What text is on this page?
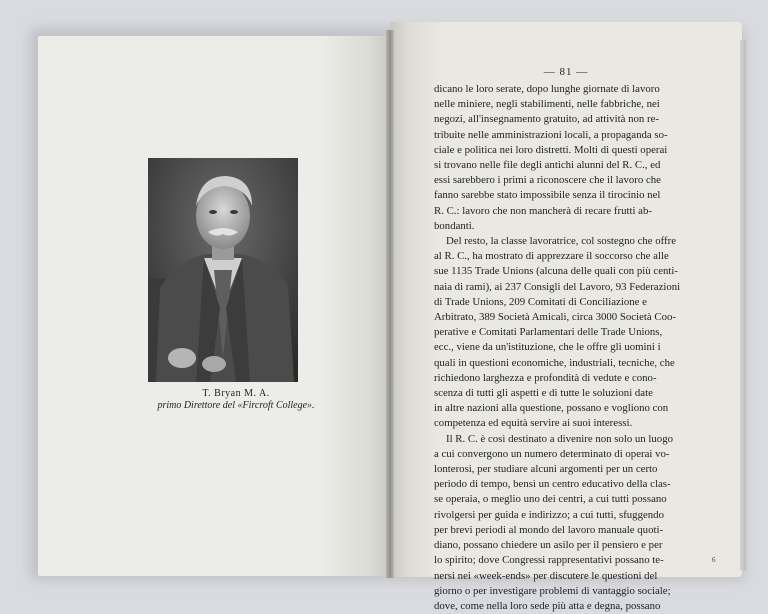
T. Bryan M. A.
primo Direttore del «Fircroft College».
— 81 —
dicano le loro serate, dopo lunghe giornate di lavoro
nelle miniere, negli stabilimenti, nelle fabbriche, nei
negozi, all'insegnamento gratuito, ad attività non re-
tribuite nelle amministrazioni locali, a propaganda so-
ciale e politica nei loro distretti. Molti di questi operai
si trovano nelle file degli antichi alunni del R. C., ed
essi sarebbero i primi a riconoscere che il lavoro che
fanno sarebbe stato impossibile senza il tirocinio nel
R. C.: lavoro che non mancherà di recare frutti ab-
bondanti.
Del resto, la classe lavoratrice, col sostegno che offre
al R. C., ha mostrato di apprezzare il soccorso che alle
sue 1135 Trade Unions (alcuna delle quali con più centi-
naia di rami), ai 237 Consigli del Lavoro, 93 Federazioni
di Trade Unions, 209 Comitati di Conciliazione e
Arbitrato, 389 Società Amicali, circa 3000 Società Coo-
perative e Comitati Parlamentari delle Trade Unions,
ecc., viene da un'istituzione, che le offre gli uomini i
quali in questioni economiche, industriali, tecniche, che
richiedono larghezza e profondità di vedute e cono-
scenza di tutti gli aspetti e di tutte le soluzioni date
in altre nazioni alla questione, possano e vogliono con
competenza ed equità servire ai suoi interessi.
Il R. C. è così destinato a divenire non solo un luogo
a cui convergono un numero determinato di operai vo-
lonterosi, per studiare alcuni argomenti per un certo
periodo di tempo, bensì un centro educativo della clas-
se operaia, o meglio uno dei centri, a cui tutti possano
rivolgersi per guida e indirizzo; a cui tutti, sfuggendo
per brevi periodi al mondo del lavoro manuale quoti-
diano, possano chiedere un asilo per il pensiero e per
lo spirito; dove Congressi rappresentativi possano te-
nersi nei «week-ends» per discutere le questioni del
giorno o per investigare problemi di vantaggio sociale;
dove, come nella loro sede più atta e degna, possano
6
